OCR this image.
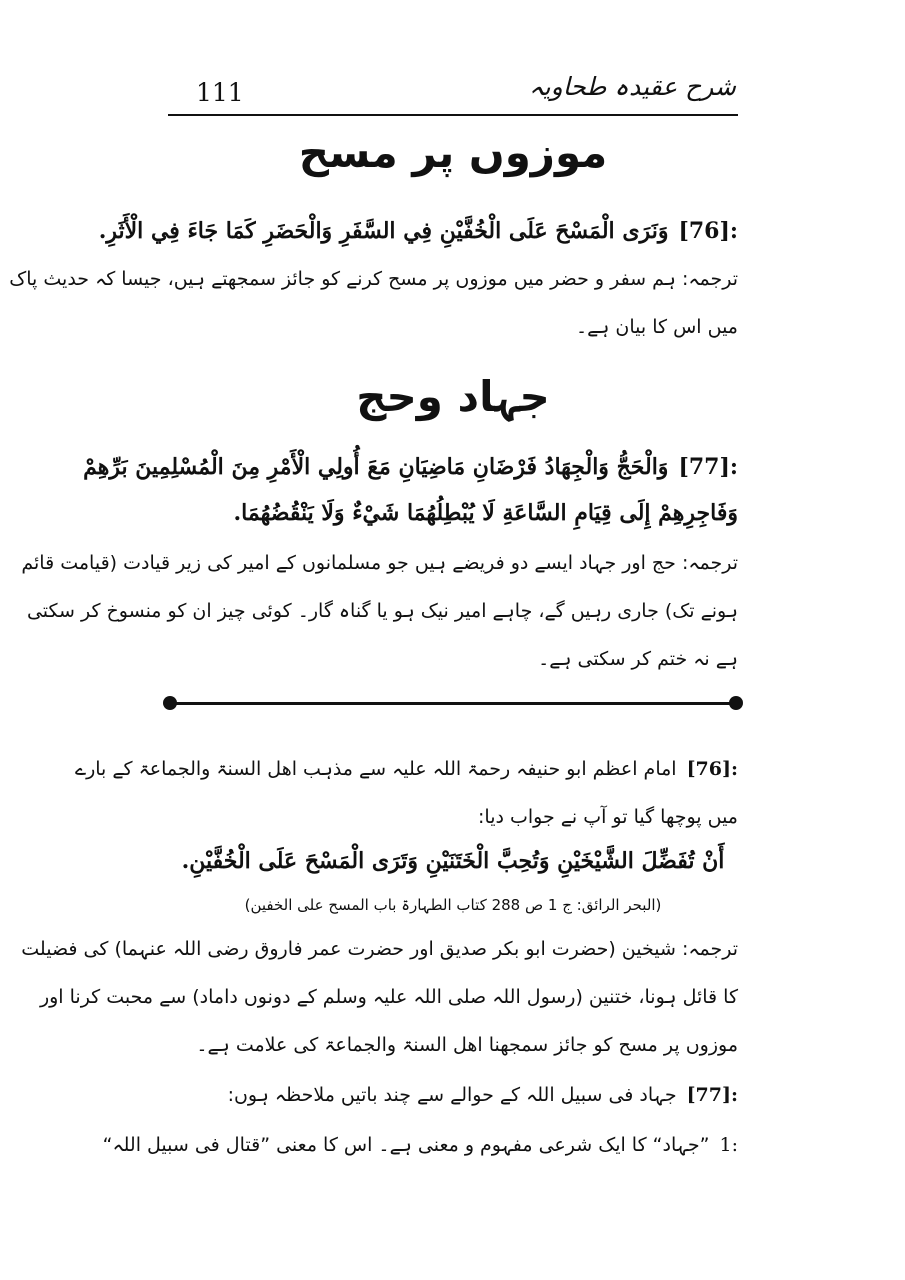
111	شرح عقیدہ طحاویہ
موزوں پر مسح
[76]:وَنَرَى الْمَسْحَ عَلَى الْخُفَّيْنِ فِي السَّفَرِ وَالْحَضَرِ كَمَا جَاءَ فِي الْأَثَرِ.
ترجمہ: ہم سفر و حضر میں موزوں پر مسح کرنے کو جائز سمجھتے ہیں، جیسا کہ حدیث پاک
میں اس کا بیان ہے۔
جہاد وحج
[77]:وَالْحَجُّ وَالْجِهَادُ فَرْضَانِ مَاضِيَانِ مَعَ أُولِي الْأَمْرِ مِنَ الْمُسْلِمِينَ بَرِّهِمْ
وَفَاجِرِهِمْ إِلَى قِيَامِ السَّاعَةِ لَا يُبْطِلُهُمَا شَيْءٌ وَلَا يَنْقُضُهُمَا.
ترجمہ: حج اور جہاد ایسے دو فریضے ہیں جو مسلمانوں کے امیر کی زیر قیادت (قیامت قائم
ہونے تک) جاری رہیں گے، چاہے امیر نیک ہو یا گناہ گار۔ کوئی چیز ان کو منسوخ کر سکتی
ہے نہ ختم کر سکتی ہے۔
[76]:امام اعظم ابو حنیفہ رحمۃ اللہ علیہ سے مذہب اھل السنۃ والجماعۃ کے بارے
میں پوچھا گیا تو آپ نے جواب دیا:
أَنْ تُفَضِّلَ الشَّيْخَيْنِ وَتُحِبَّ الْخَتَنَيْنِ وَتَرَى الْمَسْحَ عَلَى الْخُفَّيْنِ.
(البحر الرائق: ج 1 ص 288 کتاب الطہارۃ باب المسح علی الخفین)
ترجمہ: شیخین (حضرت ابو بکر صدیق اور حضرت عمر فاروق رضی اللہ عنہما) کی فضیلت
کا قائل ہونا، ختنین (رسول اللہ صلی اللہ علیہ وسلم کے دونوں داماد) سے محبت کرنا اور
موزوں پر مسح کو جائز سمجھنا اھل السنۃ والجماعۃ کی علامت ہے۔
[77]:جہاد فی سبیل اللہ کے حوالے سے چند باتیں ملاحظہ ہوں:
1:”جہاد“ کا ایک شرعی مفہوم و معنی ہے۔ اس کا معنی ”قتال فی سبیل اللہ“
